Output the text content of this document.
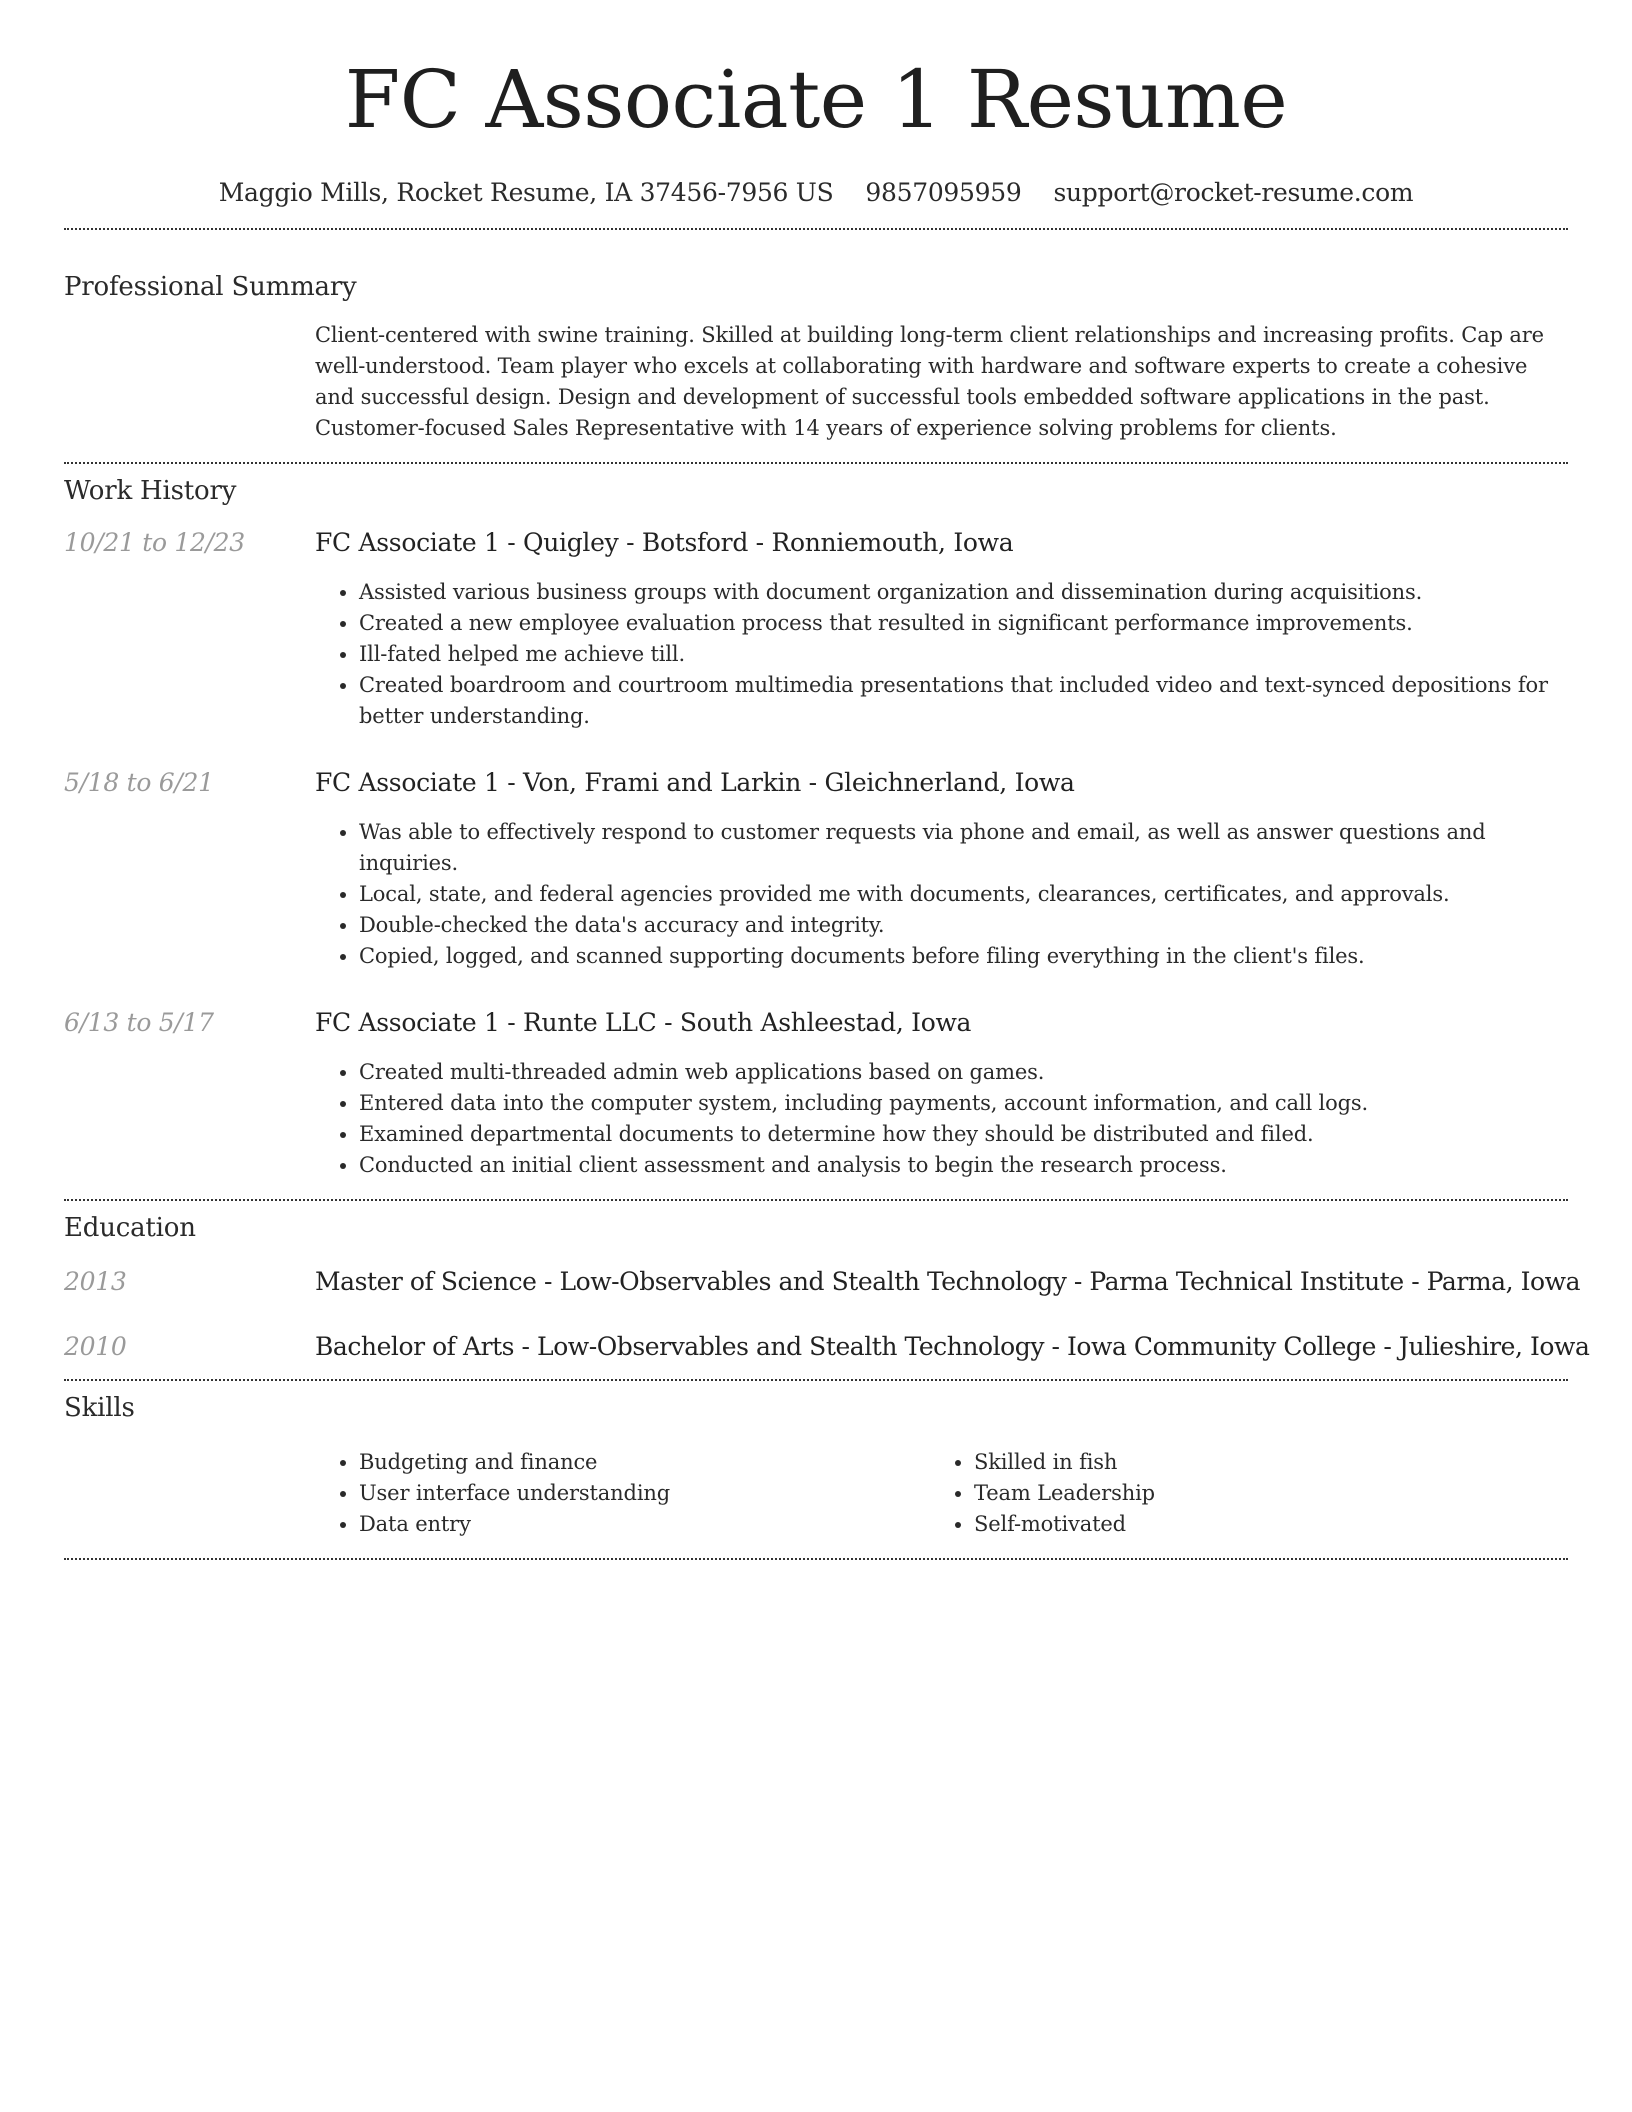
FC Associate 1 Resume
Maggio Mills, Rocket Resume, IA 37456-7956 US 9857095959 support@rocket-resume.com
Professional Summary

Client-centered with swine training. Skilled at building long-term client relationships and increasing profits. Cap are well-understood. Team player who excels at collaborating with hardware and software experts to create a cohesive and successful design. Design and development of successful tools embedded software applications in the past. Customer-focused Sales Representative with 14 years of experience solving problems for clients.

Work History
10/21 to 12/23	FC Associate 1 - Quigley - Botsford - Ronniemouth, Iowa
• Assisted various business groups with document organization and dissemination during acquisitions.
• Created a new employee evaluation process that resulted in significant performance improvements.
• Ill-fated helped me achieve till.
• Created boardroom and courtroom multimedia presentations that included video and text-synced depositions for better understanding.
5/18 to 6/21	FC Associate 1 - Von, Frami and Larkin - Gleichnerland, Iowa
• Was able to effectively respond to customer requests via phone and email, as well as answer questions and inquiries.
• Local, state, and federal agencies provided me with documents, clearances, certificates, and approvals.
• Double-checked the data's accuracy and integrity.
• Copied, logged, and scanned supporting documents before filing everything in the client's files.
6/13 to 5/17	FC Associate 1 - Runte LLC - South Ashleestad, Iowa
• Created multi-threaded admin web applications based on games.
• Entered data into the computer system, including payments, account information, and call logs.
• Examined departmental documents to determine how they should be distributed and filed.
• Conducted an initial client assessment and analysis to begin the research process.
Education
2013	Master of Science - Low-Observables and Stealth Technology - Parma Technical Institute - Parma, Iowa
2010	Bachelor of Arts - Low-Observables and Stealth Technology - Iowa Community College - Julieshire, Iowa
Skills
• Budgeting and finance
• User interface understanding
• Data entry
• Skilled in fish
• Team Leadership
• Self-motivated
